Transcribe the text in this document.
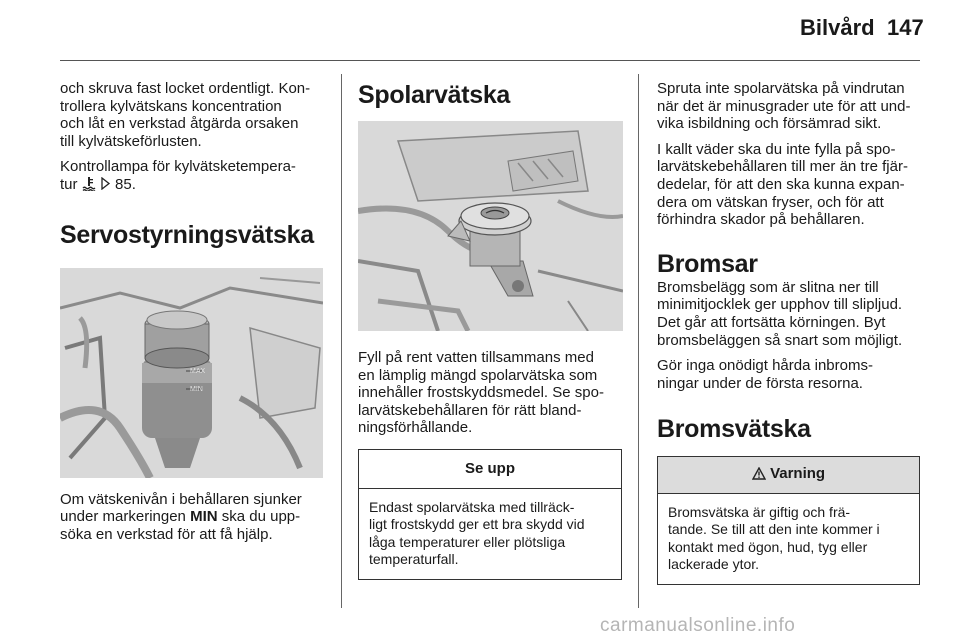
Bilvård 147

och skruva fast locket ordentligt. Kon-
trollera kylvätskans koncentration
och låt en verkstad åtgärda orsaken
till kylvätskeförlusten.

Kontrollampa för kylvätsketempera-
tur	85.

Servostyrningsvätska
MAX
MIN

Om vätskenivån i behållaren sjunker
under markeringen MIN ska du upp-
söka en verkstad för att få hjälp.

Spolarvätska

Fyll på rent vatten tillsammans med
en lämplig mängd spolarvätska som
innehåller frostskyddsmedel. Se spo-
larvätskebehållaren för rätt bland-
ningsförhållande.

Se upp
Endast spolarvätska med tillräck-
ligt frostskydd ger ett bra skydd vid
låga temperaturer eller plötsliga
temperaturfall.

Spruta inte spolarvätska på vindrutan
när det är minusgrader ute för att und-
vika isbildning och försämrad sikt.

I kallt väder ska du inte fylla på spo-
larvätskebehållaren till mer än tre fjär-
dedelar, för att den ska kunna expan-
dera om vätskan fryser, och för att
förhindra skador på behållaren.

Bromsar

Bromsbelägg som är slitna ner till
minimitjocklek ger upphov till slipljud.
Det går att fortsätta körningen. Byt
bromsbeläggen så snart som möjligt.

Gör inga onödigt hårda inbroms-
ningar under de första resorna.

Bromsvätska
Varning
Bromsvätska är giftig och frä-
tande. Se till att den inte kommer i
kontakt med ögon, hud, tyg eller
lackerade ytor.
carmanualsonline.info
